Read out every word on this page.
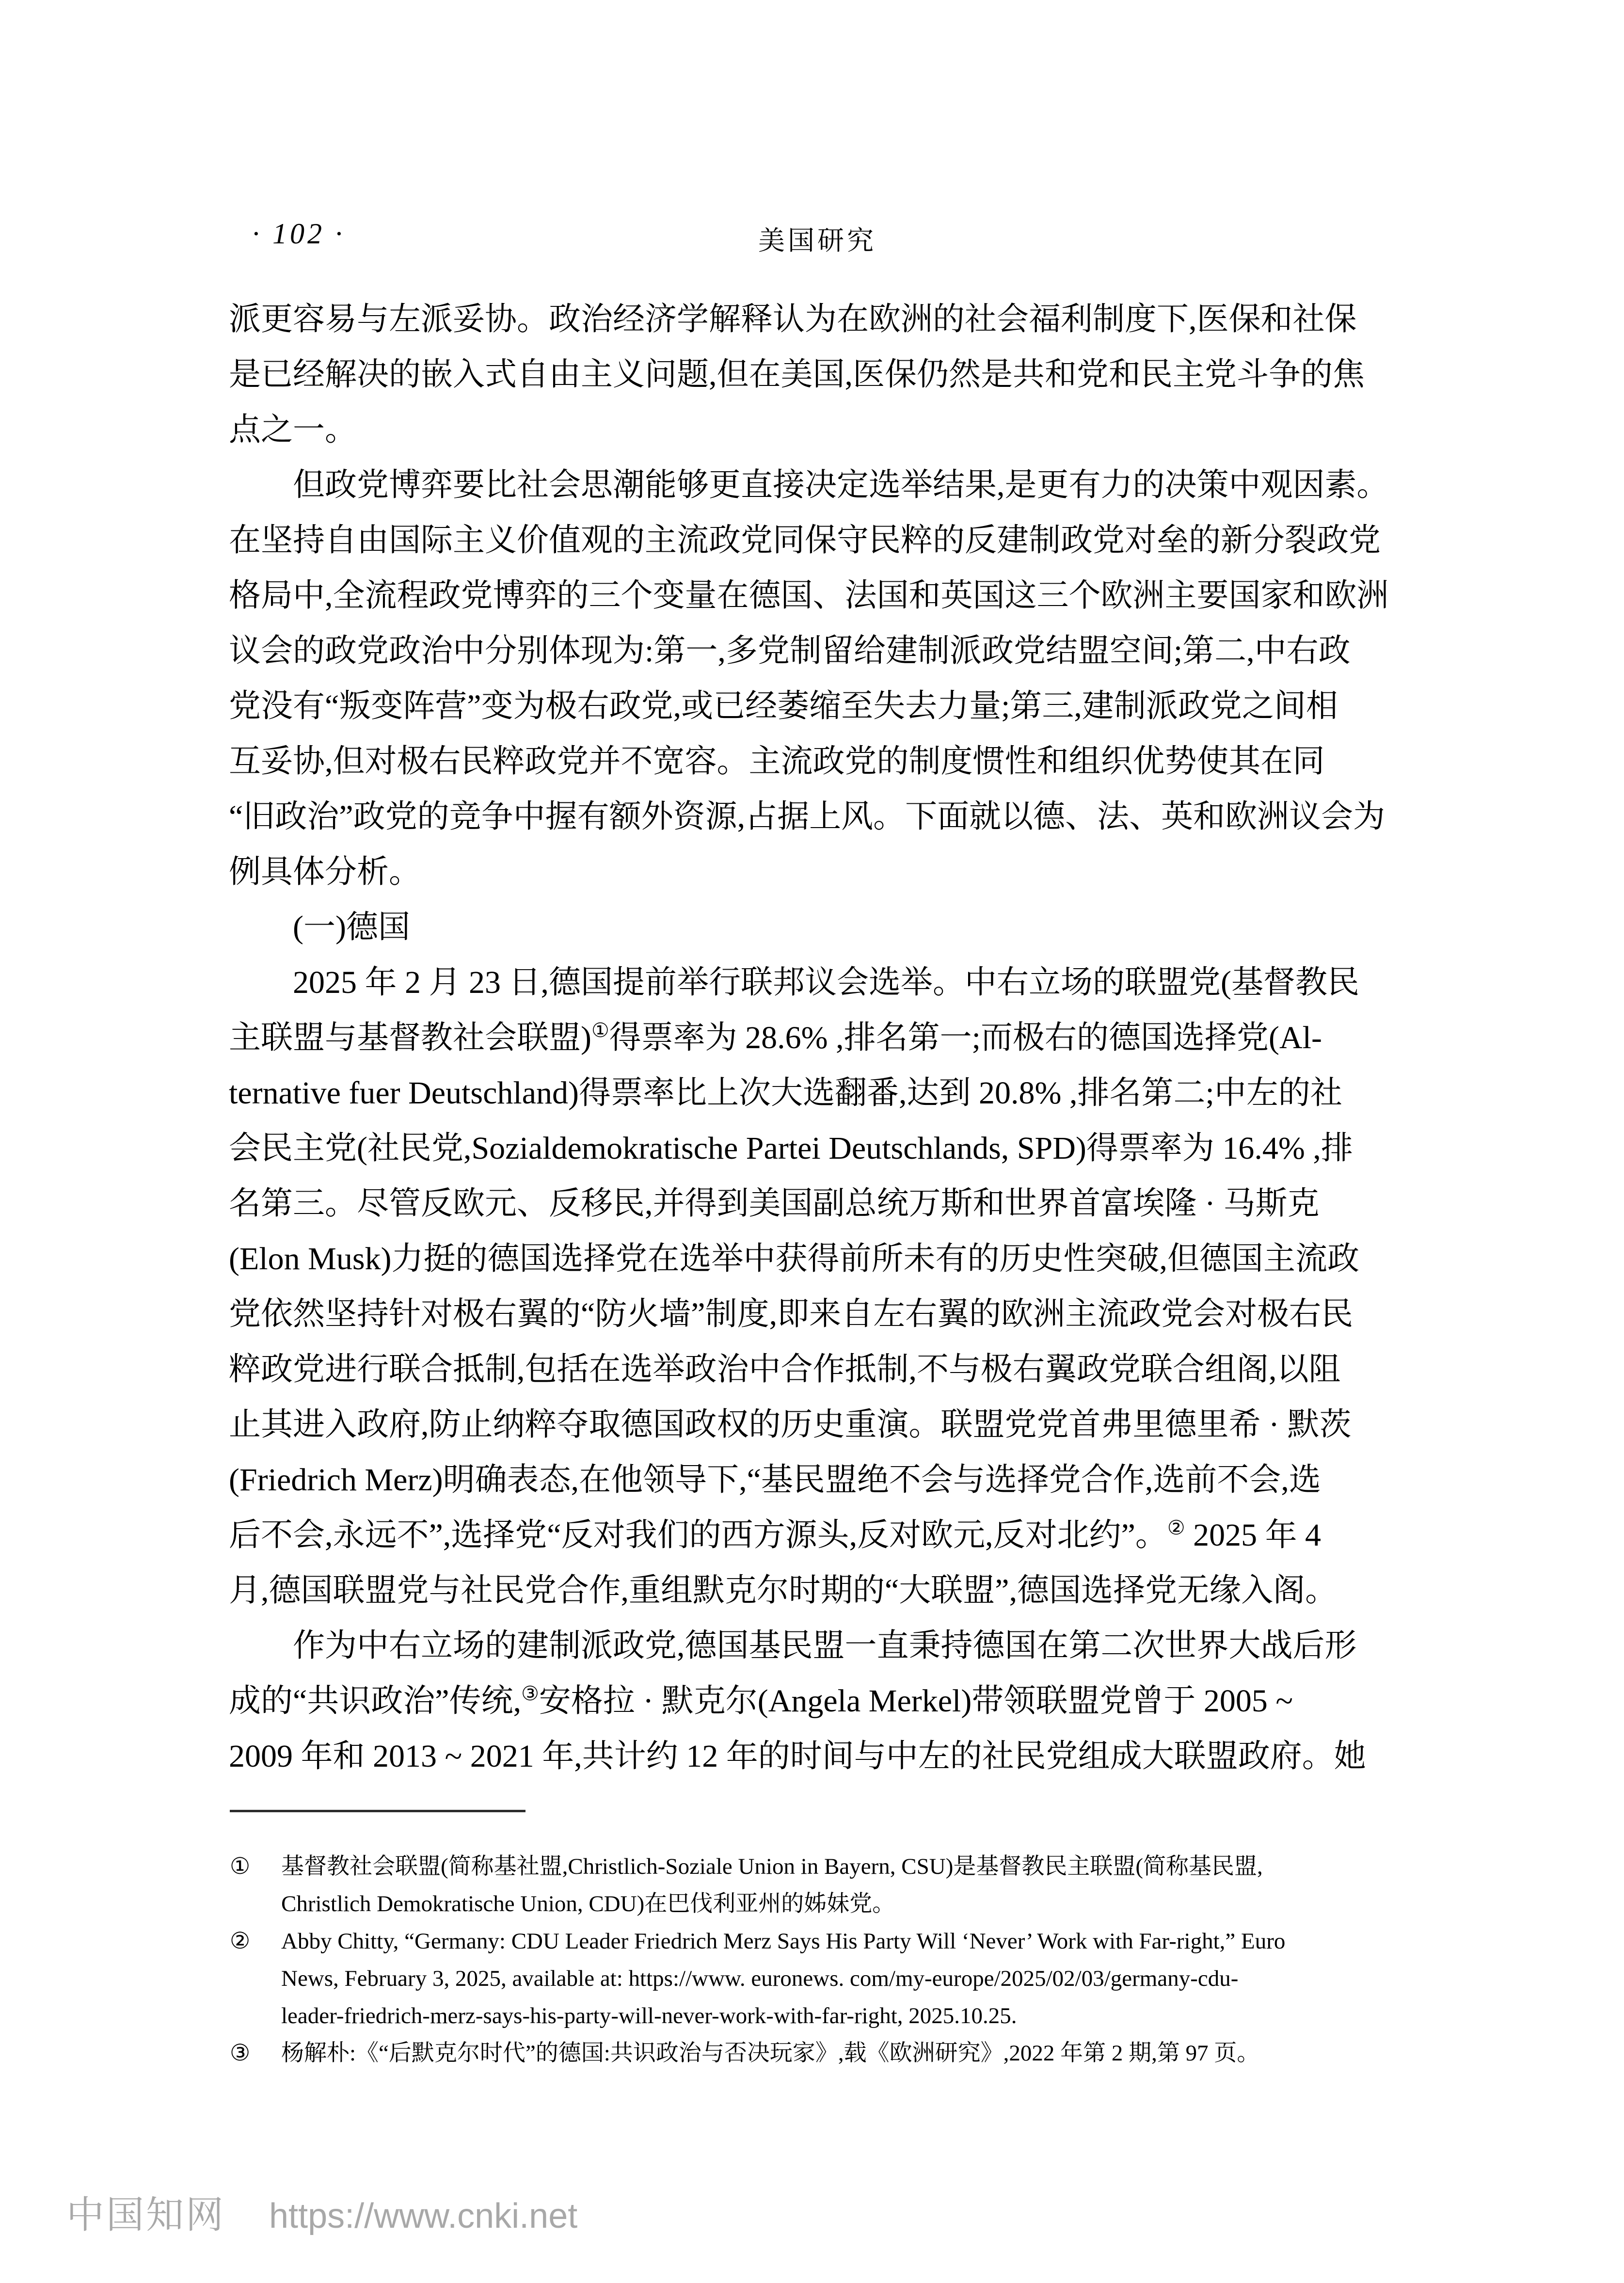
· 102 ·	美国研究
派更容易与左派妥协。政治经济学解释认为在欧洲的社会福利制度下,医保和社保
是已经解决的嵌入式自由主义问题,但在美国,医保仍然是共和党和民主党斗争的焦
点之一。
但政党博弈要比社会思潮能够更直接决定选举结果,是更有力的决策中观因素。
在坚持自由国际主义价值观的主流政党同保守民粹的反建制政党对垒的新分裂政党
格局中,全流程政党博弈的三个变量在德国、法国和英国这三个欧洲主要国家和欧洲
议会的政党政治中分别体现为:第一,多党制留给建制派政党结盟空间;第二,中右政
党没有“叛变阵营”变为极右政党,或已经萎缩至失去力量;第三,建制派政党之间相
互妥协,但对极右民粹政党并不宽容。主流政党的制度惯性和组织优势使其在同
“旧政治”政党的竞争中握有额外资源,占据上风。下面就以德、法、英和欧洲议会为
例具体分析。
(一)德国
2025 年 2 月 23 日,德国提前举行联邦议会选举。中右立场的联盟党(基督教民
主联盟与基督教社会联盟)①得票率为 28.6% ,排名第一;而极右的德国选择党(Al-
ternative fuer Deutschland)得票率比上次大选翻番,达到 20.8% ,排名第二;中左的社
会民主党(社民党,Sozialdemokratische Partei Deutschlands, SPD)得票率为 16.4% ,排
名第三。尽管反欧元、反移民,并得到美国副总统万斯和世界首富埃隆 · 马斯克
(Elon Musk)力挺的德国选择党在选举中获得前所未有的历史性突破,但德国主流政
党依然坚持针对极右翼的“防火墙”制度,即来自左右翼的欧洲主流政党会对极右民
粹政党进行联合抵制,包括在选举政治中合作抵制,不与极右翼政党联合组阁,以阻
止其进入政府,防止纳粹夺取德国政权的历史重演。联盟党党首弗里德里希 · 默茨
(Friedrich Merz)明确表态,在他领导下,“基民盟绝不会与选择党合作,选前不会,选
后不会,永远不”,选择党“反对我们的西方源头,反对欧元,反对北约”。② 2025 年 4
月,德国联盟党与社民党合作,重组默克尔时期的“大联盟”,德国选择党无缘入阁。
作为中右立场的建制派政党,德国基民盟一直秉持德国在第二次世界大战后形
成的“共识政治”传统,③安格拉 · 默克尔(Angela Merkel)带领联盟党曾于 2005 ~
2009 年和 2013 ~ 2021 年,共计约 12 年的时间与中左的社民党组成大联盟政府。她
① 基督教社会联盟(简称基社盟,Christlich-Soziale Union in Bayern, CSU)是基督教民主联盟(简称基民盟,
Christlich Demokratische Union, CDU)在巴伐利亚州的姊妹党。
② Abby Chitty, “Germany: CDU Leader Friedrich Merz Says His Party Will ‘Never’ Work with Far-right,” Euro
News, February 3, 2025, available at: https://www. euronews. com/my-europe/2025/02/03/germany-cdu-
leader-friedrich-merz-says-his-party-will-never-work-with-far-right, 2025.10.25.
③ 杨解朴:《“后默克尔时代”的德国:共识政治与否决玩家》,载《欧洲研究》,2022 年第 2 期,第 97 页。
中国知网 https://www.cnki.net
